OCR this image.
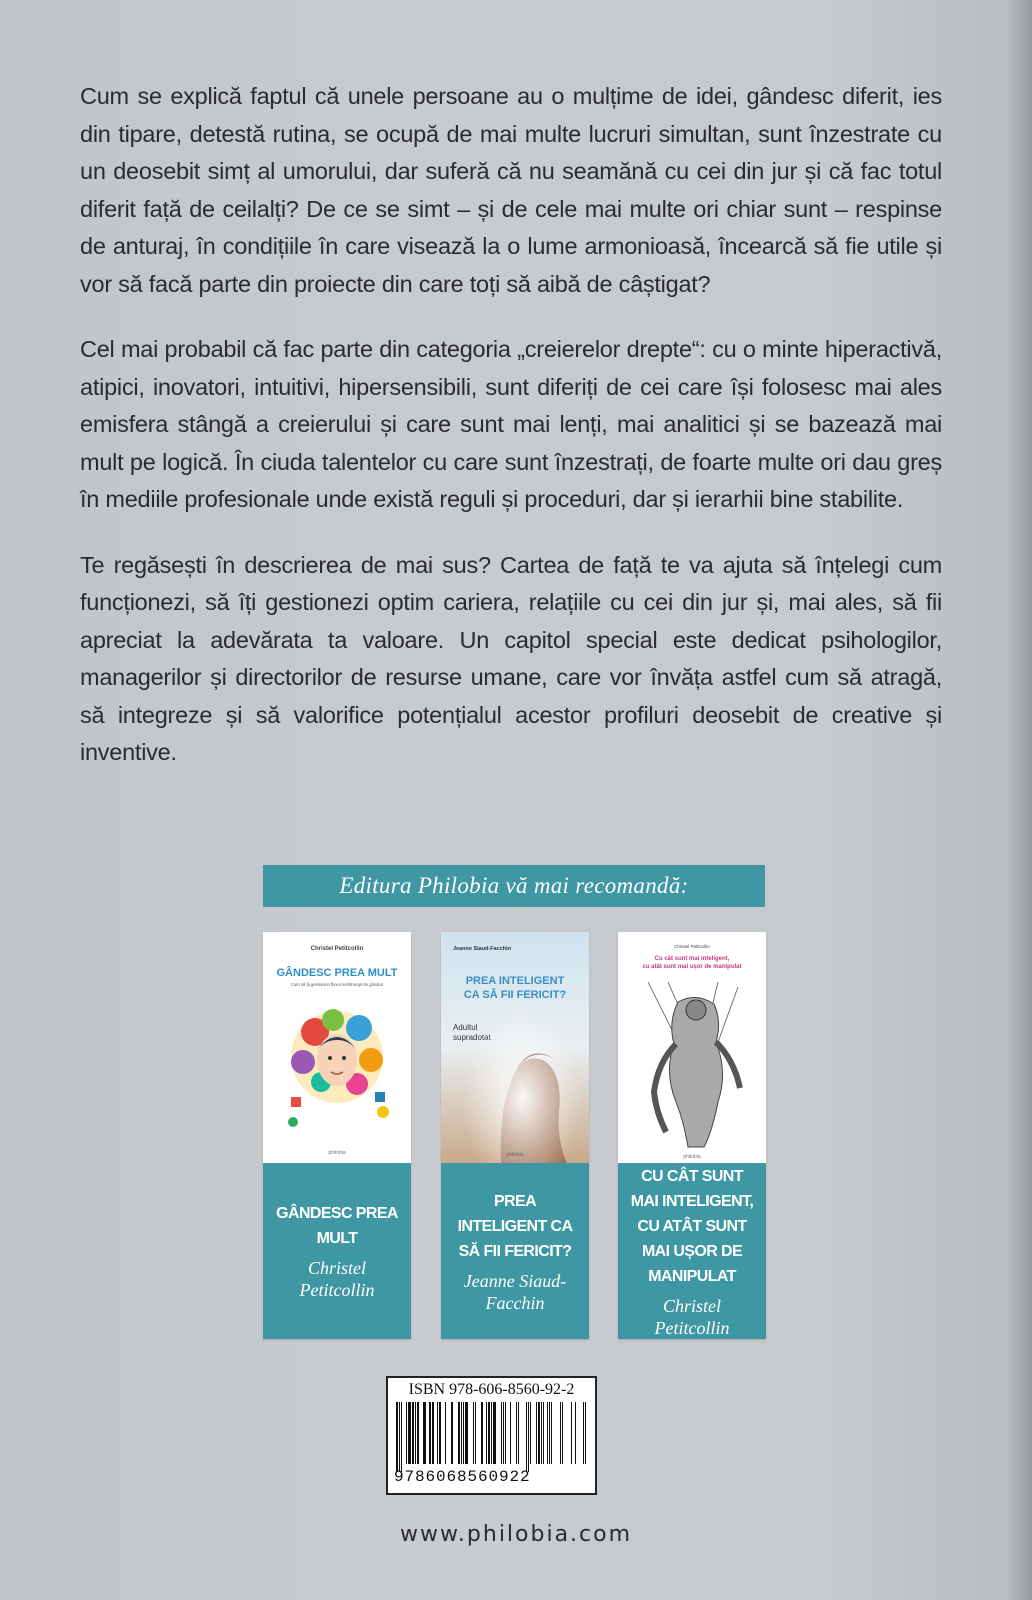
Cum se explică faptul că unele persoane au o mulțime de idei, gândesc diferit, ies din tipare, detestă rutina, se ocupă de mai multe lucruri simultan, sunt înzestrate cu un deosebit simț al umorului, dar suferă că nu seamănă cu cei din jur și că fac totul diferit față de ceilalți? De ce se simt – și de cele mai multe ori chiar sunt – respinse de anturaj, în condițiile în care visează la o lume armonioasă, încearcă să fie utile și vor să facă parte din proiecte din care toți să aibă de câștigat?

Cel mai probabil că fac parte din categoria „creierelor drepte“: cu o minte hiperactivă, atipici, inovatori, intuitivi, hipersensibili, sunt diferiți de cei care își folosesc mai ales emisfera stângă a creierului și care sunt mai lenți, mai analitici și se bazează mai mult pe logică. În ciuda talentelor cu care sunt înzestrați, de foarte multe ori dau greș în mediile profesionale unde există reguli și proceduri, dar și ierarhii bine stabilite.

Te regăsești în descrierea de mai sus? Cartea de față te va ajuta să înțelegi cum funcționezi, să îți gestionezi optim cariera, relațiile cu cei din jur și, mai ales, să fii apreciat la adevărata ta valoare. Un capitol special este dedicat psihologilor, managerilor și directorilor de resurse umane, care vor învăța astfel cum să atragă, să integreze și să valorifice potențialul acestor profiluri deosebit de creative și inventive.

Editura Philobia vă mai recomandă:
Christel Petitcollin
GÂNDESC PREA MULT
Cum să îți gestionezi fluxul neîntrerupt de gânduri
philobia
GÂNDESC PREA MULT
Christel Petitcollin
philobia
PREA INTELIGENT CA SĂ FII FERICIT?
Jeanne Siaud-Facchin
Christel Petitcollin
Cu cât sunt mai inteligent,
cu atât sunt mai ușor de manipulat
philobia
CU CÂT SUNT MAI INTELIGENT, CU ATÂT SUNT MAI UȘOR DE MANIPULAT
Christel Petitcollin
ISBN 978-606-8560-92-2
9786068560922
www.philobia.com
